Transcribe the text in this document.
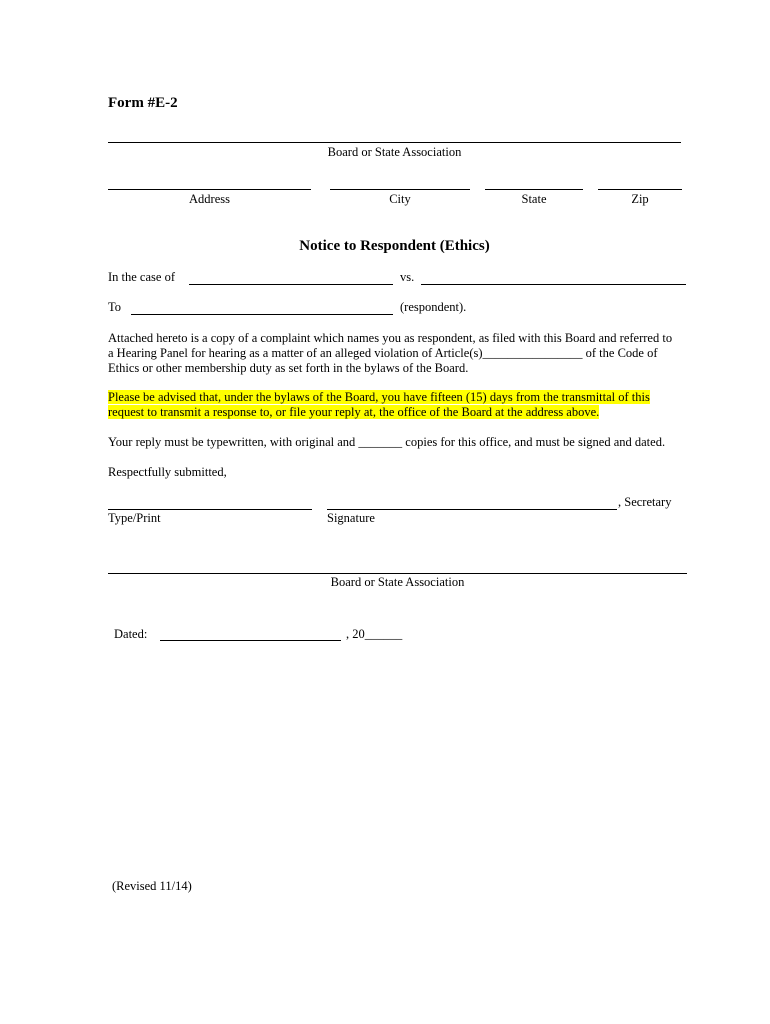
Form #E-2
Board or State Association
Address	City	State	Zip
Notice to Respondent (Ethics)
In the case of	vs.
To	(respondent).
Attached hereto is a copy of a complaint which names you as respondent, as filed with this Board and referred to
a Hearing Panel for hearing as a matter of an alleged violation of Article(s)________________ of the Code of
Ethics or other membership duty as set forth in the bylaws of the Board.
Please be advised that, under the bylaws of the Board, you have fifteen (15) days from the transmittal of this
request to transmit a response to, or file your reply at, the office of the Board at the address above.
Your reply must be typewritten, with original and _______ copies for this office, and must be signed and dated.
Respectfully submitted,
, Secretary
Type/Print	Signature
Board or State Association
Dated:	, 20______
(Revised 11/14)
